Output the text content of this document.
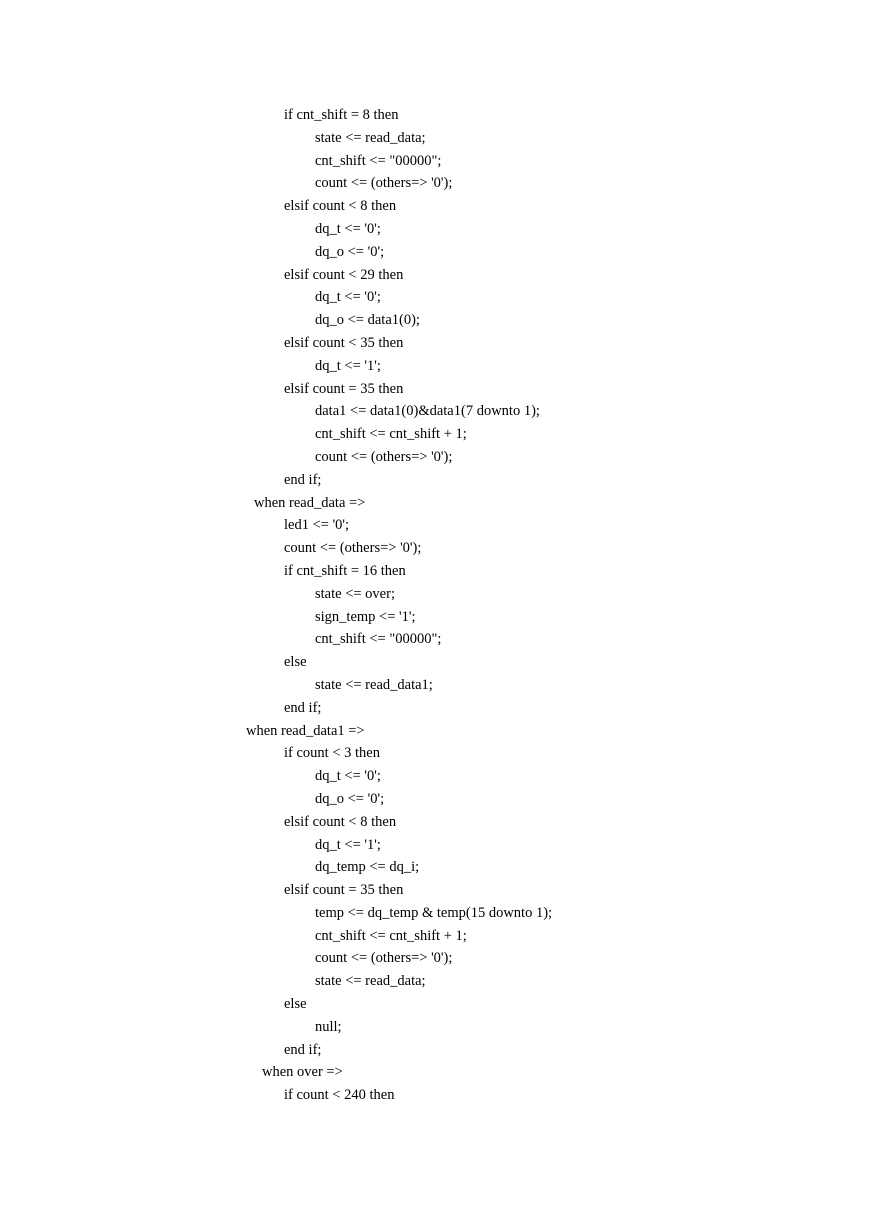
if cnt_shift = 8 then
state <= read_data;
cnt_shift <= "00000";
count <= (others=> '0');
elsif count < 8 then
dq_t <= '0';
dq_o <= '0';
elsif count < 29 then
dq_t <= '0';
dq_o <= data1(0);
elsif count < 35 then
dq_t <= '1';
elsif count = 35 then
data1 <= data1(0)&data1(7 downto 1);
cnt_shift <= cnt_shift + 1;
count <= (others=> '0');
end if;
when read_data =>
led1 <= '0';
count <= (others=> '0');
if cnt_shift = 16 then
state <= over;
sign_temp <= '1';
cnt_shift <= "00000";
else
state <= read_data1;
end if;
when read_data1 =>
if count < 3 then
dq_t <= '0';
dq_o <= '0';
elsif count < 8 then
dq_t <= '1';
dq_temp <= dq_i;
elsif count = 35 then
temp <= dq_temp & temp(15 downto 1);
cnt_shift <= cnt_shift + 1;
count <= (others=> '0');
state <= read_data;
else
null;
end if;
when over =>
if count < 240 then
